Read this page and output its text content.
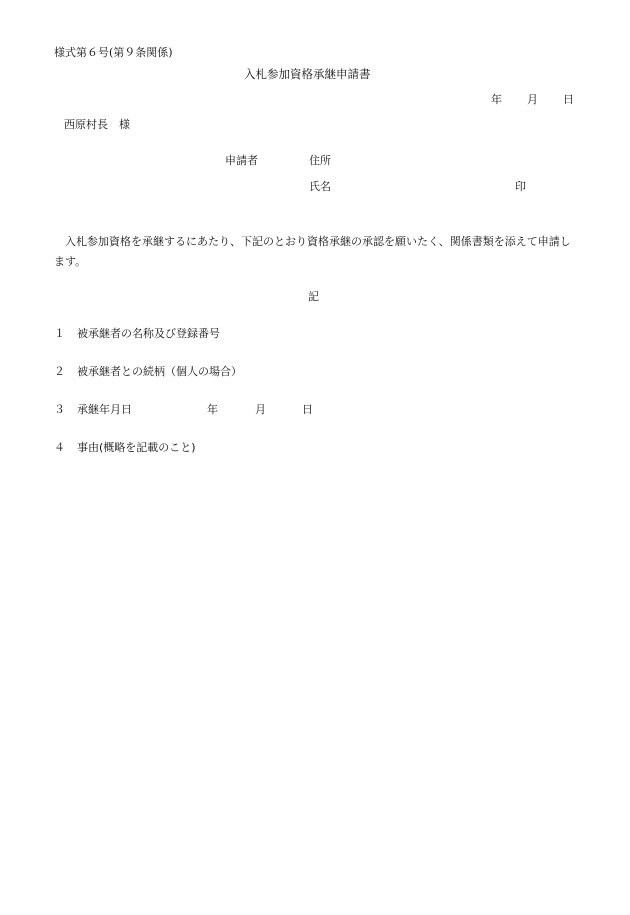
様式第６号(第９条関係)
入札参加資格承継申請書
年 月 日
西原村長　様
申請者	住所
氏名	印
入札参加資格を承継するにあたり、下記のとおり資格承継の承認を願いたく、関係書類を添えて申請します。
記
１ 被承継者の名称及び登録番号
２ 被承継者との続柄（個人の場合）
３ 承継年月日	年	月	日
４ 事由(概略を記載のこと)
